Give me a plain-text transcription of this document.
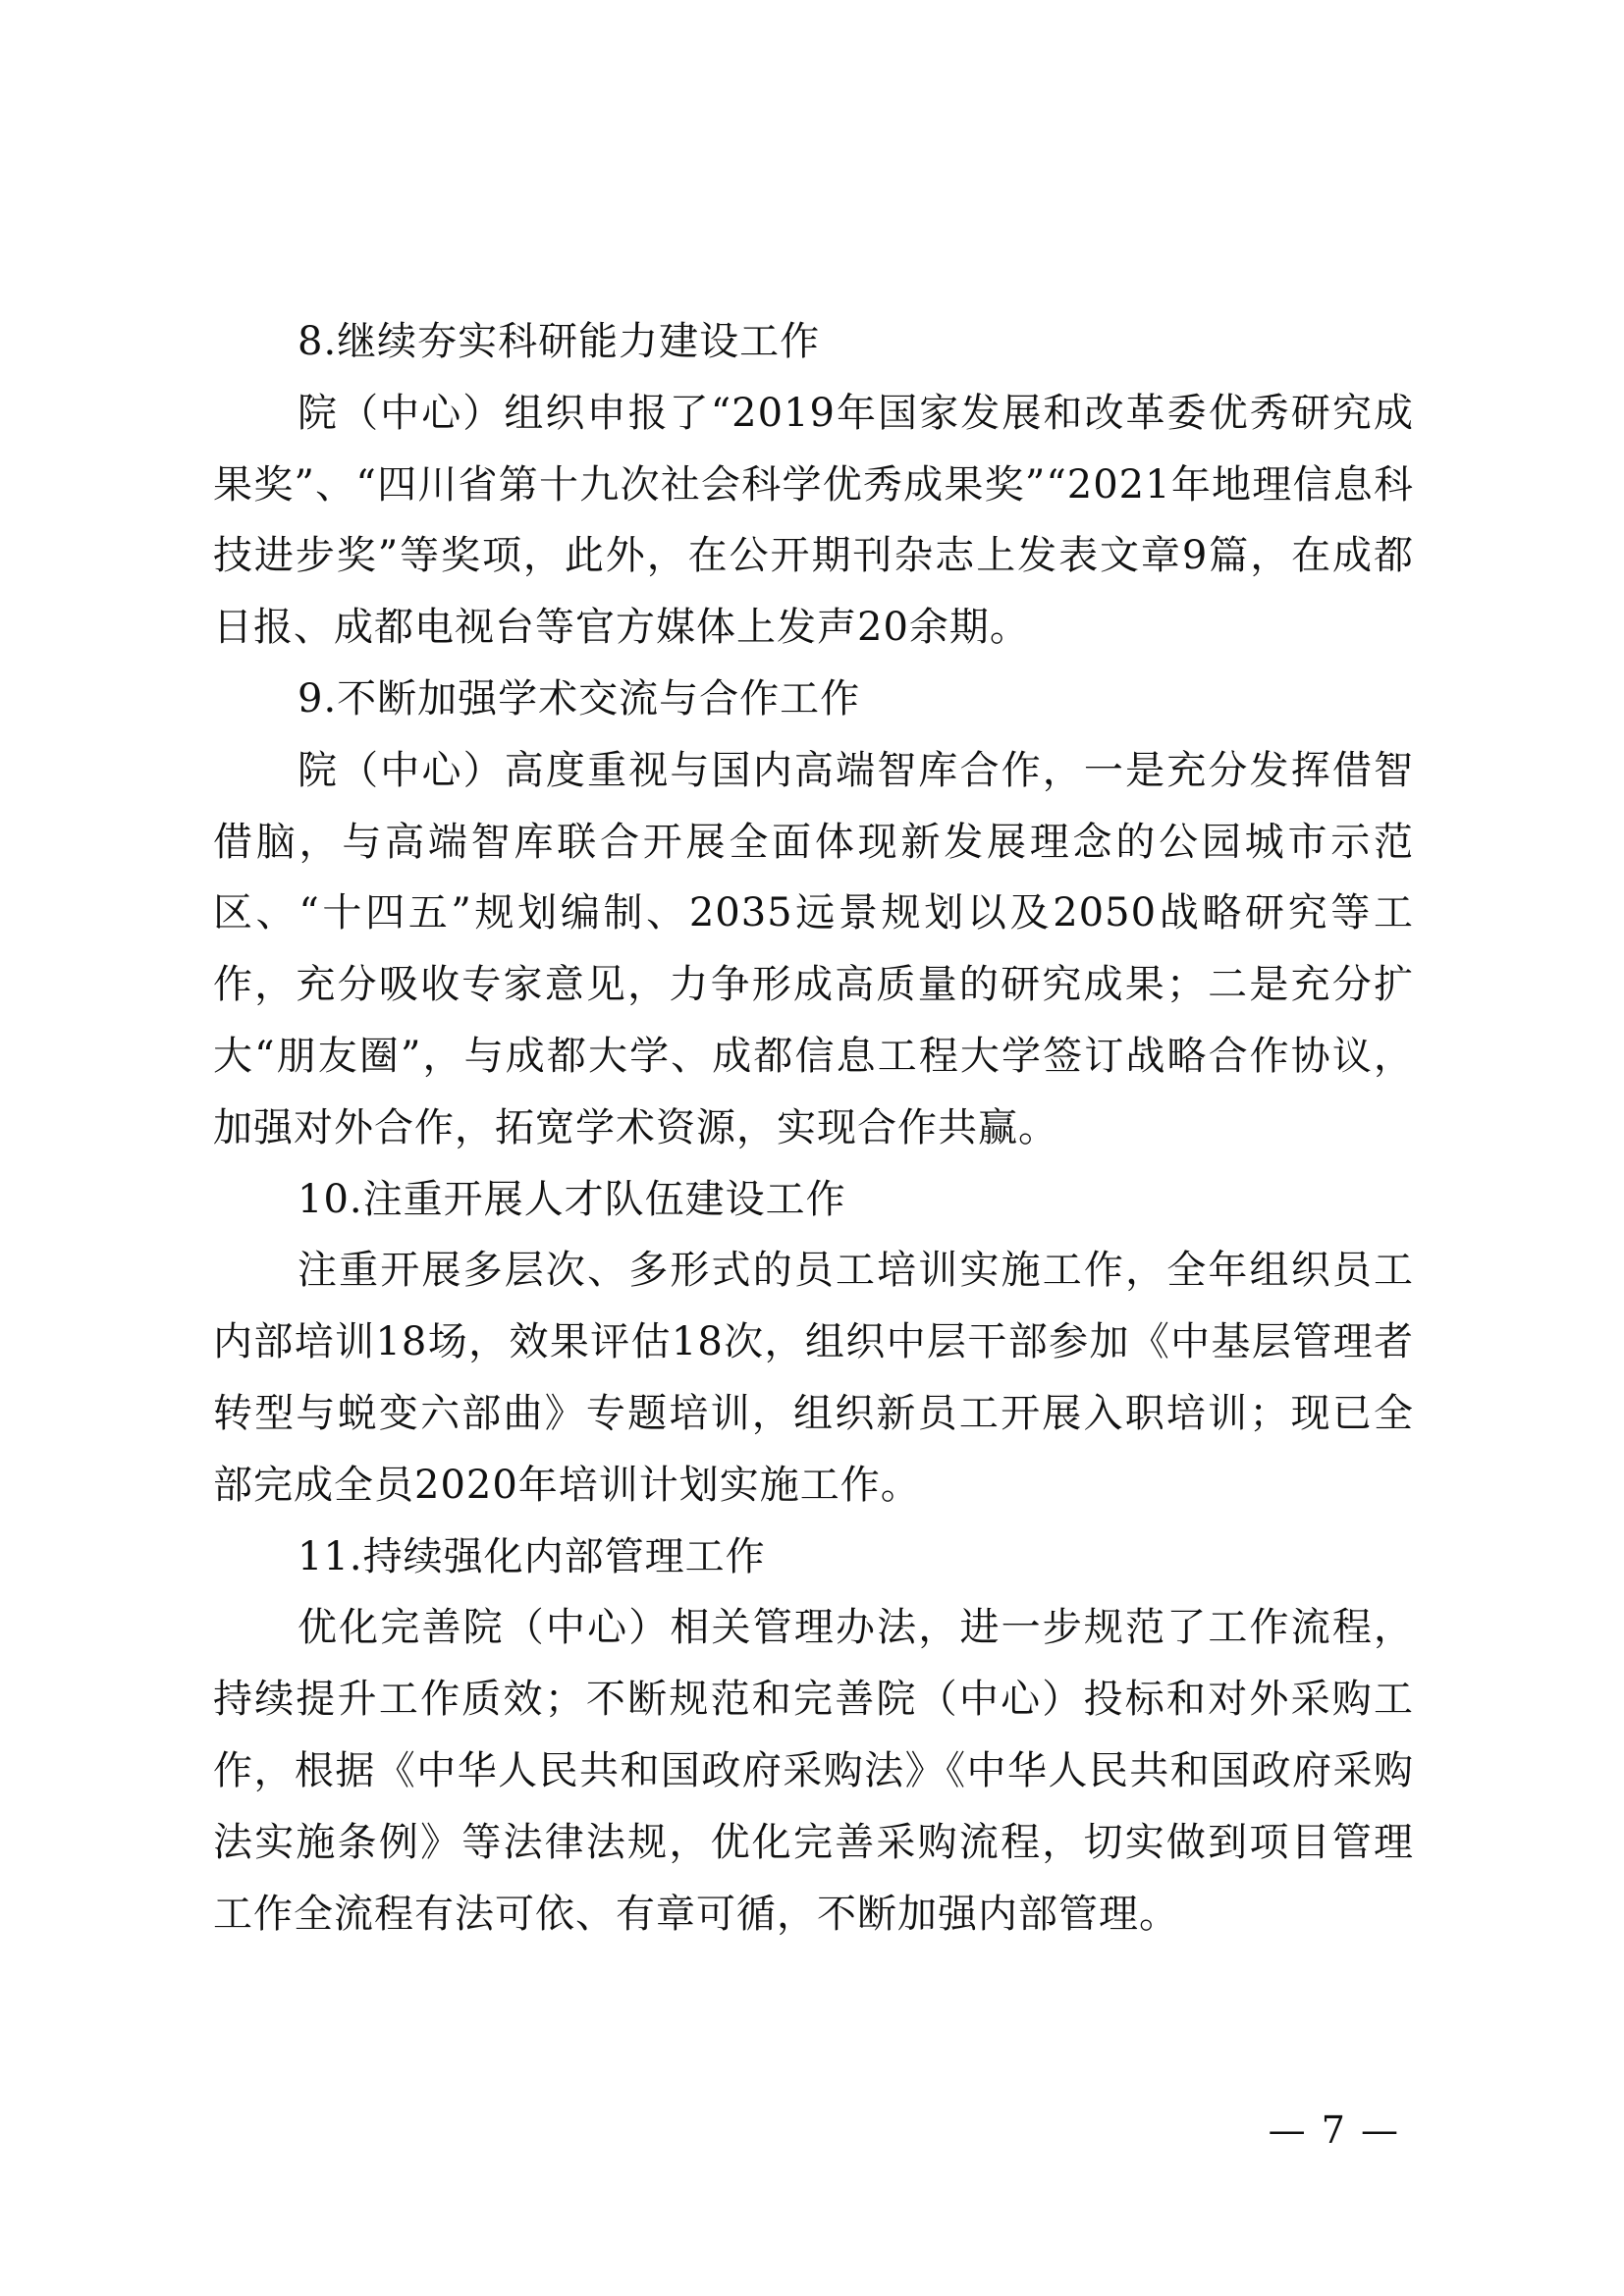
8.继续夯实科研能力建设工作

院（中心）组织申报了“2019年国家发展和改革委优秀研究成果奖”、“四川省第十九次社会科学优秀成果奖”“2021年地理信息科技进步奖”等奖项，此外，在公开期刊杂志上发表文章9篇，在成都日报、成都电视台等官方媒体上发声20余期。

9.不断加强学术交流与合作工作

院（中心）高度重视与国内高端智库合作，一是充分发挥借智借脑，与高端智库联合开展全面体现新发展理念的公园城市示范区、“十四五”规划编制、2035远景规划以及2050战略研究等工作，充分吸收专家意见，力争形成高质量的研究成果；二是充分扩大“朋友圈”，与成都大学、成都信息工程大学签订战略合作协议，加强对外合作，拓宽学术资源，实现合作共赢。

10.注重开展人才队伍建设工作

注重开展多层次、多形式的员工培训实施工作，全年组织员工内部培训18场，效果评估18次，组织中层干部参加《中基层管理者转型与蜕变六部曲》专题培训，组织新员工开展入职培训；现已全部完成全员2020年培训计划实施工作。

11.持续强化内部管理工作

优化完善院（中心）相关管理办法，进一步规范了工作流程，持续提升工作质效；不断规范和完善院（中心）投标和对外采购工作，根据《中华人民共和国政府采购法》《中华人民共和国政府采购法实施条例》等法律法规，优化完善采购流程，切实做到项目管理工作全流程有法可依、有章可循，不断加强内部管理。

— 7 —
